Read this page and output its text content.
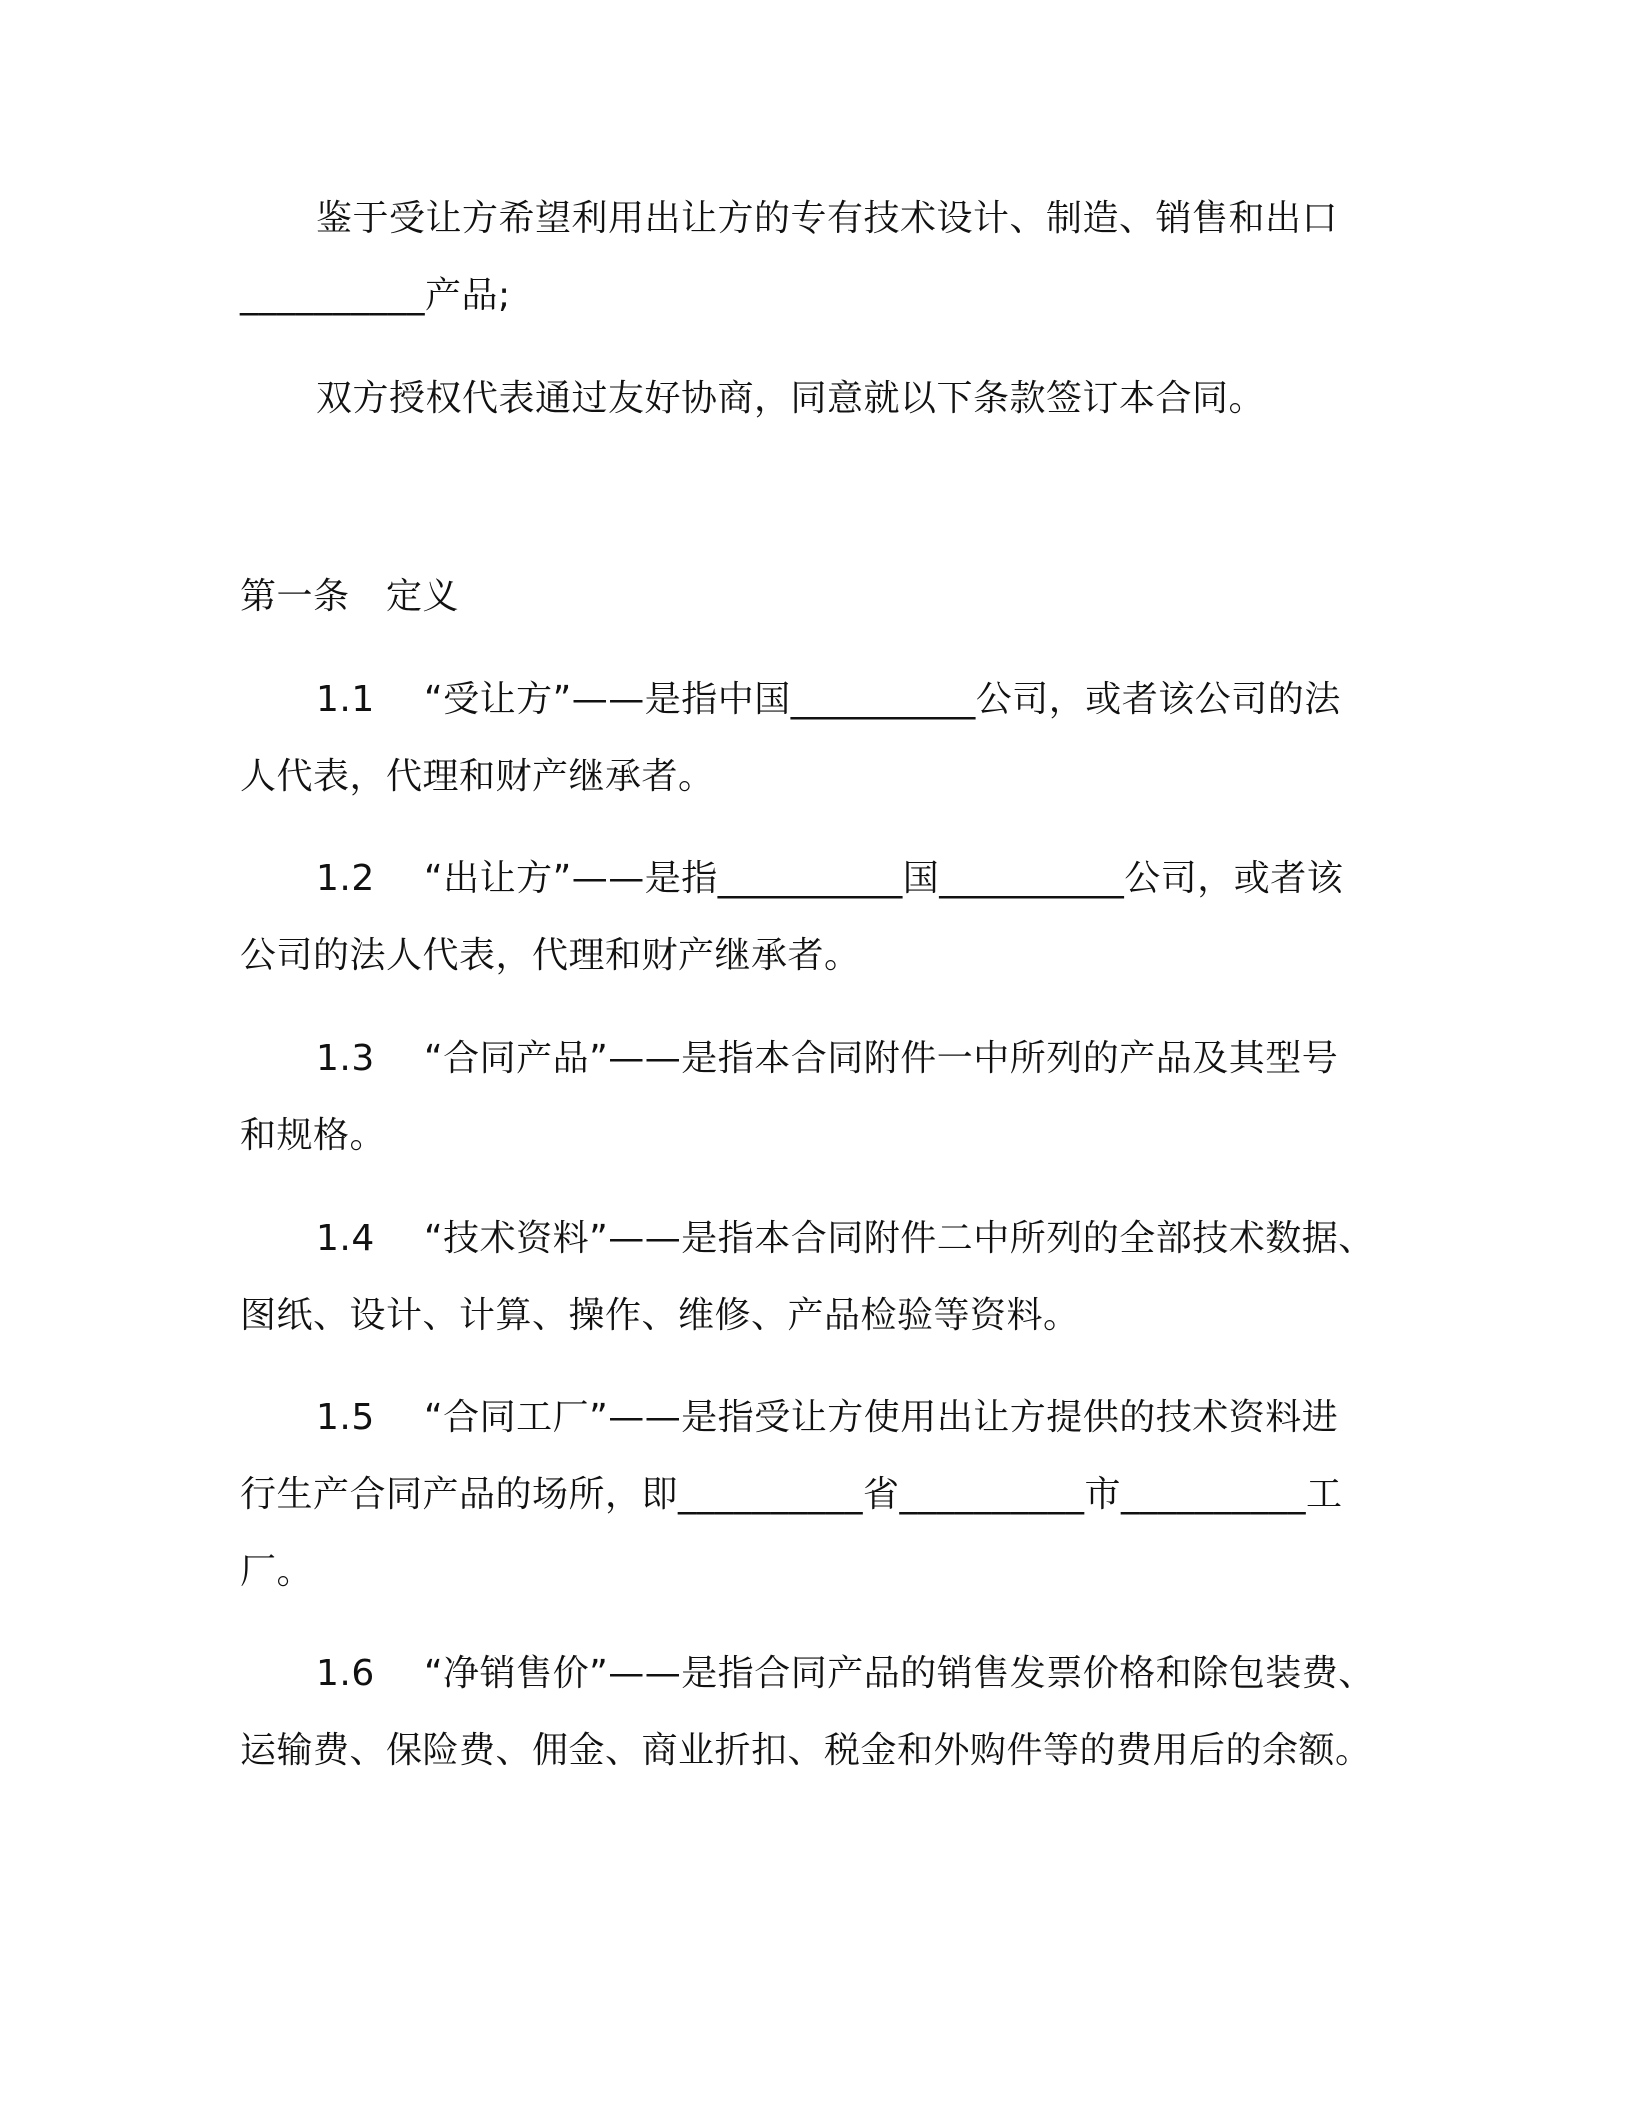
鉴于受让方希望利用出让方的专有技术设计、制造、销售和出口
__________产品;
双方授权代表通过友好协商，同意就以下条款签订本合同。
第一条　定义
1.1 “受让方”——是指中国__________公司，或者该公司的法
人代表，代理和财产继承者。
1.2 “出让方”——是指__________国__________公司，或者该
公司的法人代表，代理和财产继承者。
1.3 “合同产品”——是指本合同附件一中所列的产品及其型号
和规格。
1.4 “技术资料”——是指本合同附件二中所列的全部技术数据、
图纸、设计、计算、操作、维修、产品检验等资料。
1.5 “合同工厂”——是指受让方使用出让方提供的技术资料进
行生产合同产品的场所，即__________省__________市__________工
厂。
1.6 “净销售价”——是指合同产品的销售发票价格和除包装费、
运输费、保险费、佣金、商业折扣、税金和外购件等的费用后的余额。
